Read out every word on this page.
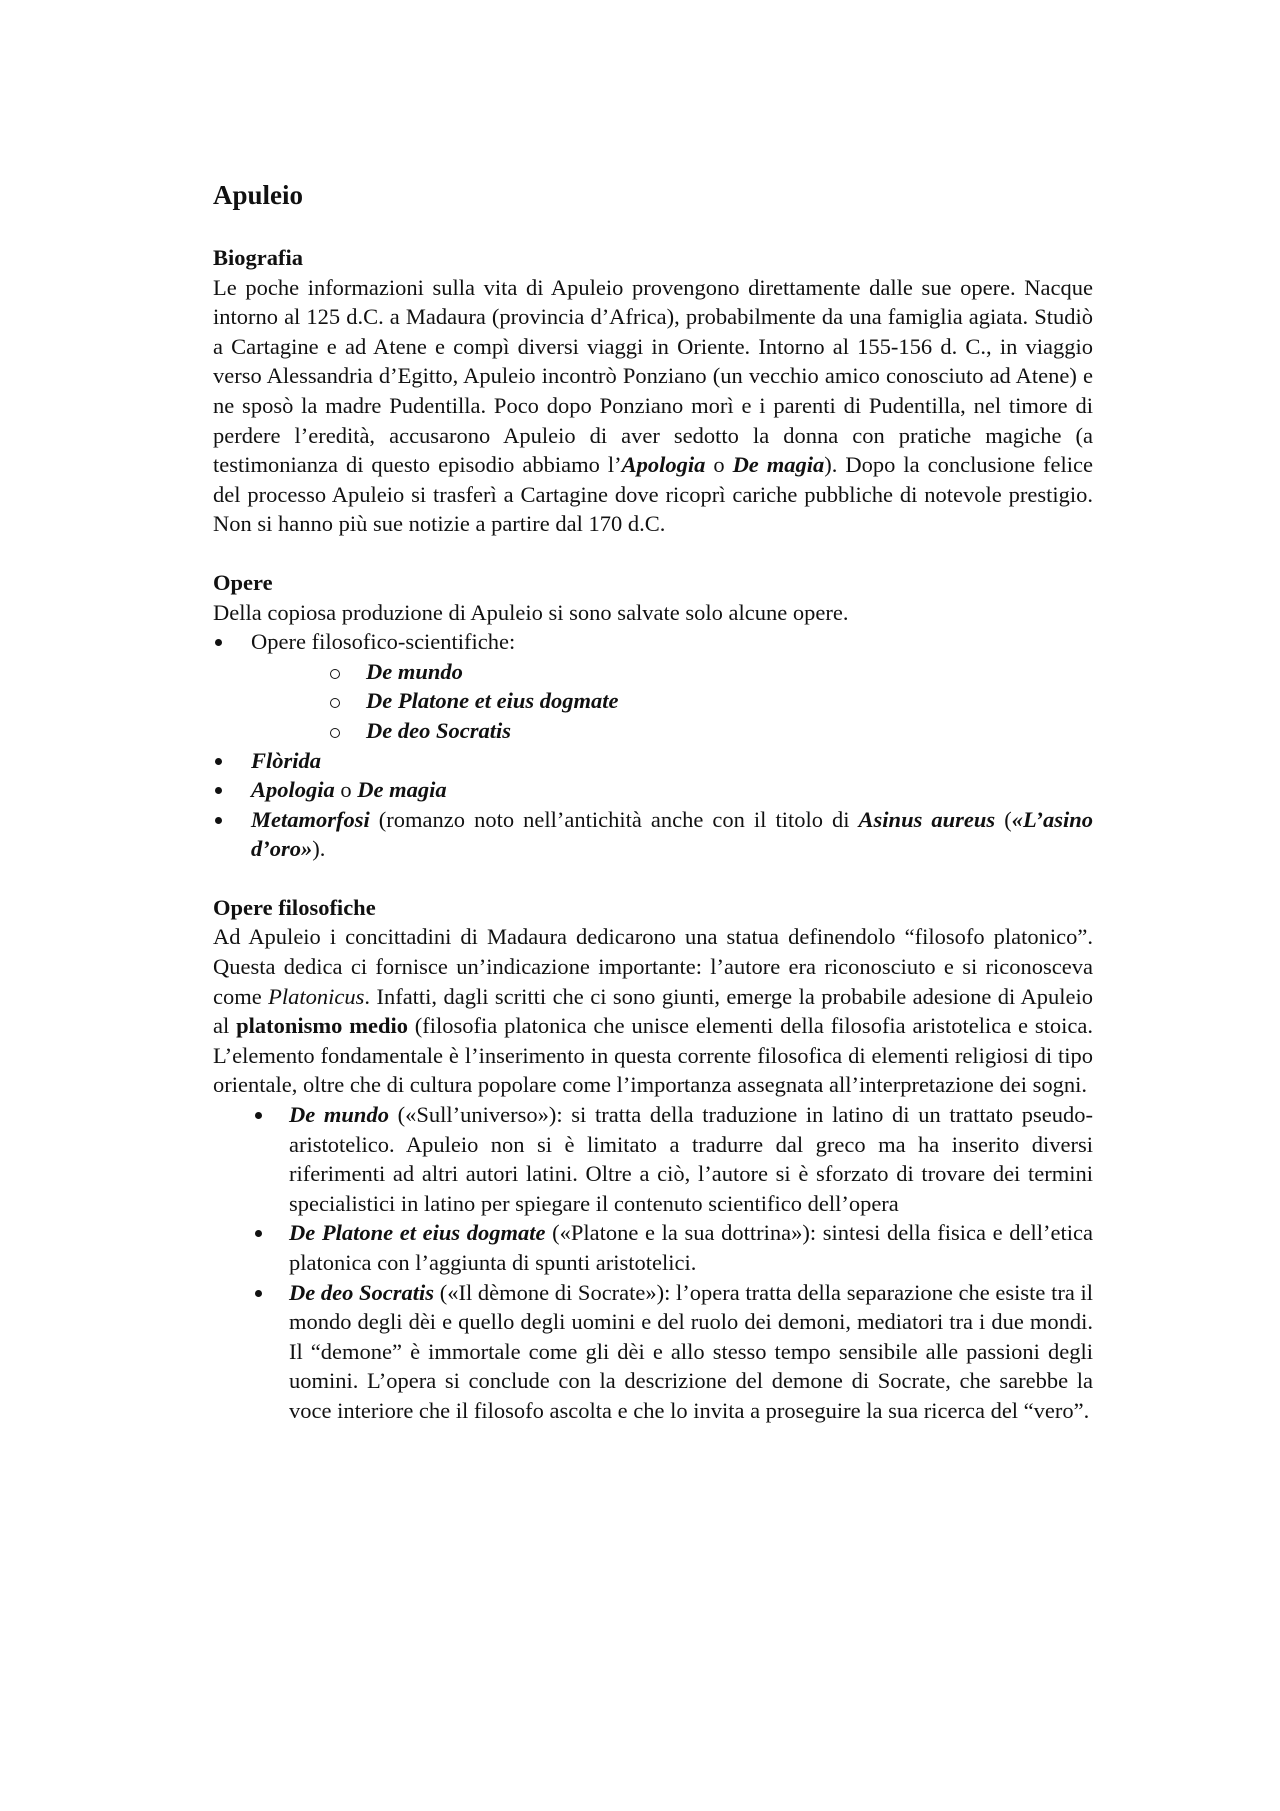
Apuleio

Biografia

Le poche informazioni sulla vita di Apuleio provengono direttamente dalle sue opere. Nacque intorno al 125 d.C. a Madaura (provincia d’Africa), probabilmente da una famiglia agiata. Studiò a Cartagine e ad Atene e compì diversi viaggi in Oriente. Intorno al 155-156 d. C., in viaggio verso Alessandria d’Egitto, Apuleio incontrò Ponziano (un vecchio amico conosciuto ad Atene) e ne sposò la madre Pudentilla. Poco dopo Ponziano morì e i parenti di Pudentilla, nel timore di perdere l’eredità, accusarono Apuleio di aver sedotto la donna con pratiche magiche (a testimonianza di questo episodio abbiamo l’Apologia o De magia). Dopo la conclusione felice del processo Apuleio si trasferì a Cartagine dove ricoprì cariche pubbliche di notevole prestigio. Non si hanno più sue notizie a partire dal 170 d.C.

Opere

Della copiosa produzione di Apuleio si sono salvate solo alcune opere.

Opere filosofico-scientifiche:
De mundo
De Platone et eius dogmate
De deo Socratis
Flòrida
Apologia o De magia
Metamorfosi (romanzo noto nell’antichità anche con il titolo di Asinus aureus («L’asino d’oro»).

Opere filosofiche

Ad Apuleio i concittadini di Madaura dedicarono una statua definendolo “filosofo platonico”. Questa dedica ci fornisce un’indicazione importante: l’autore era riconosciuto e si riconosceva come Platonicus. Infatti, dagli scritti che ci sono giunti, emerge la probabile adesione di Apuleio al platonismo medio (filosofia platonica che unisce elementi della filosofia aristotelica e stoica. L’elemento fondamentale è l’inserimento in questa corrente filosofica di elementi religiosi di tipo orientale, oltre che di cultura popolare come l’importanza assegnata all’interpretazione dei sogni.

De mundo («Sull’universo»): si tratta della traduzione in latino di un trattato pseudo-aristotelico. Apuleio non si è limitato a tradurre dal greco ma ha inserito diversi riferimenti ad altri autori latini. Oltre a ciò, l’autore si è sforzato di trovare dei termini specialistici in latino per spiegare il contenuto scientifico dell’opera
De Platone et eius dogmate («Platone e la sua dottrina»): sintesi della fisica e dell’etica platonica con l’aggiunta di spunti aristotelici.
De deo Socratis («Il dèmone di Socrate»): l’opera tratta della separazione che esiste tra il mondo degli dèi e quello degli uomini e del ruolo dei demoni, mediatori tra i due mondi. Il “demone” è immortale come gli dèi e allo stesso tempo sensibile alle passioni degli uomini. L’opera si conclude con la descrizione del demone di Socrate, che sarebbe la voce interiore che il filosofo ascolta e che lo invita a proseguire la sua ricerca del “vero”.
